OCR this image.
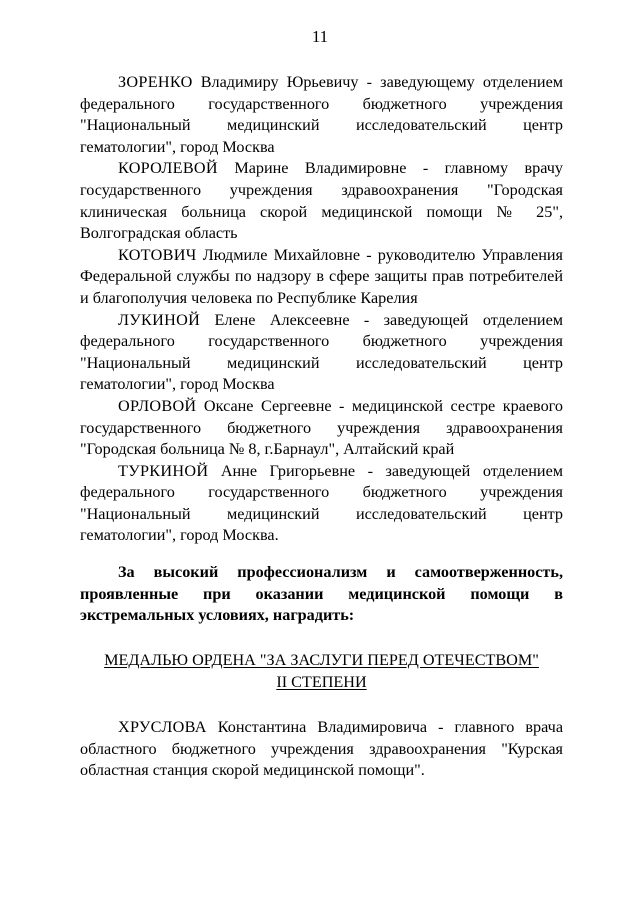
11

ЗОРЕНКО Владимиру Юрьевичу - заведующему отделением федерального государственного бюджетного учреждения "Национальный медицинский исследовательский центр гематологии", город Москва

КОРОЛЕВОЙ Марине Владимировне - главному врачу государственного учреждения здравоохранения "Городская клиническая больница скорой медицинской помощи № 25", Волгоградская область

КОТОВИЧ Людмиле Михайловне - руководителю Управления Федеральной службы по надзору в сфере защиты прав потребителей и благополучия человека по Республике Карелия

ЛУКИНОЙ Елене Алексеевне - заведующей отделением федерального государственного бюджетного учреждения "Национальный медицинский исследовательский центр гематологии", город Москва

ОРЛОВОЙ Оксане Сергеевне - медицинской сестре краевого государственного бюджетного учреждения здравоохранения "Городская больница № 8, г.Барнаул", Алтайский край

ТУРКИНОЙ Анне Григорьевне - заведующей отделением федерального государственного бюджетного учреждения "Национальный медицинский исследовательский центр гематологии", город Москва.

За высокий профессионализм и самоотверженность, проявленные при оказании медицинской помощи в экстремальных условиях, наградить:

МЕДАЛЬЮ ОРДЕНА "ЗА ЗАСЛУГИ ПЕРЕД ОТЕЧЕСТВОМ"
II СТЕПЕНИ

ХРУСЛОВА Константина Владимировича - главного врача областного бюджетного учреждения здравоохранения "Курская областная станция скорой медицинской помощи".
